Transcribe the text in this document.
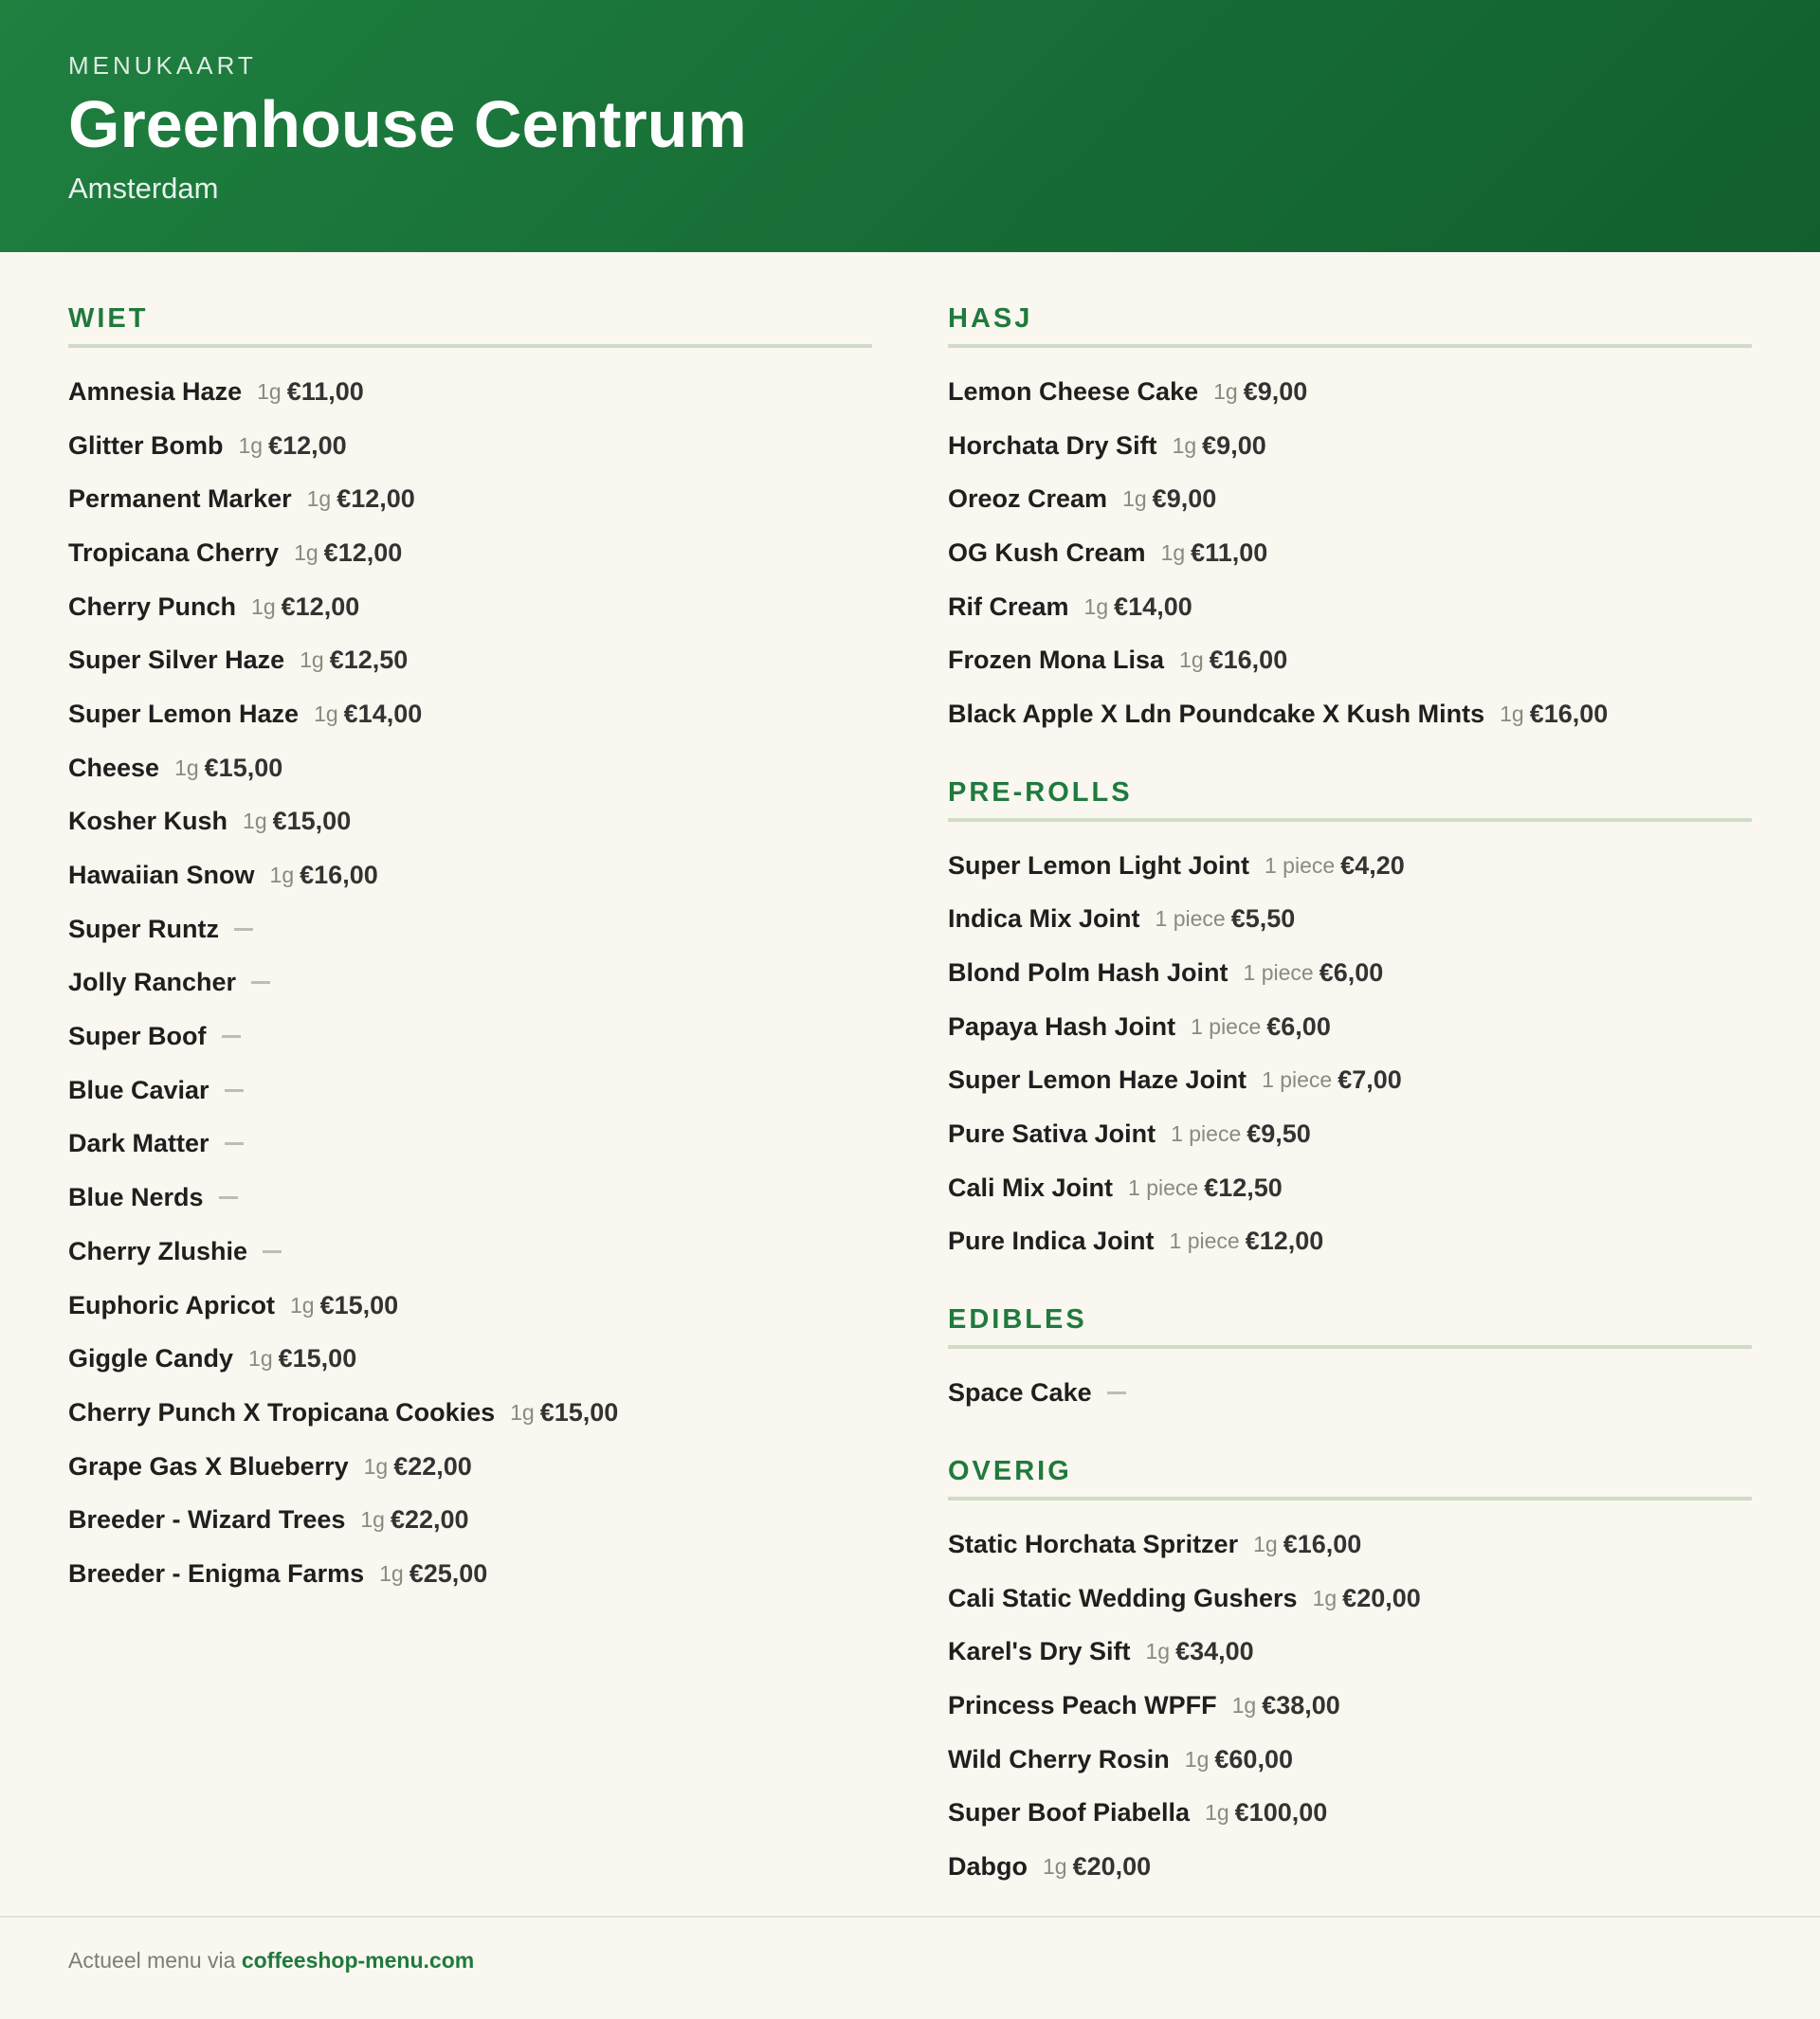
MENUKAART
Greenhouse Centrum
Amsterdam
WIET
Amnesia Haze 1g €11,00
Glitter Bomb 1g €12,00
Permanent Marker 1g €12,00
Tropicana Cherry 1g €12,00
Cherry Punch 1g €12,00
Super Silver Haze 1g €12,50
Super Lemon Haze 1g €14,00
Cheese 1g €15,00
Kosher Kush 1g €15,00
Hawaiian Snow 1g €16,00
Super Runtz
Jolly Rancher
Super Boof
Blue Caviar
Dark Matter
Blue Nerds
Cherry Zlushie
Euphoric Apricot 1g €15,00
Giggle Candy 1g €15,00
Cherry Punch X Tropicana Cookies 1g €15,00
Grape Gas X Blueberry 1g €22,00
Breeder - Wizard Trees 1g €22,00
Breeder - Enigma Farms 1g €25,00
HASJ
Lemon Cheese Cake 1g €9,00
Horchata Dry Sift 1g €9,00
Oreoz Cream 1g €9,00
OG Kush Cream 1g €11,00
Rif Cream 1g €14,00
Frozen Mona Lisa 1g €16,00
Black Apple X Ldn Poundcake X Kush Mints 1g €16,00
PRE-ROLLS
Super Lemon Light Joint 1 piece €4,20
Indica Mix Joint 1 piece €5,50
Blond Polm Hash Joint 1 piece €6,00
Papaya Hash Joint 1 piece €6,00
Super Lemon Haze Joint 1 piece €7,00
Pure Sativa Joint 1 piece €9,50
Cali Mix Joint 1 piece €12,50
Pure Indica Joint 1 piece €12,00
EDIBLES
Space Cake
OVERIG
Static Horchata Spritzer 1g €16,00
Cali Static Wedding Gushers 1g €20,00
Karel's Dry Sift 1g €34,00
Princess Peach WPFF 1g €38,00
Wild Cherry Rosin 1g €60,00
Super Boof Piabella 1g €100,00
Dabgo 1g €20,00
Actueel menu via coffeeshop-menu.com
